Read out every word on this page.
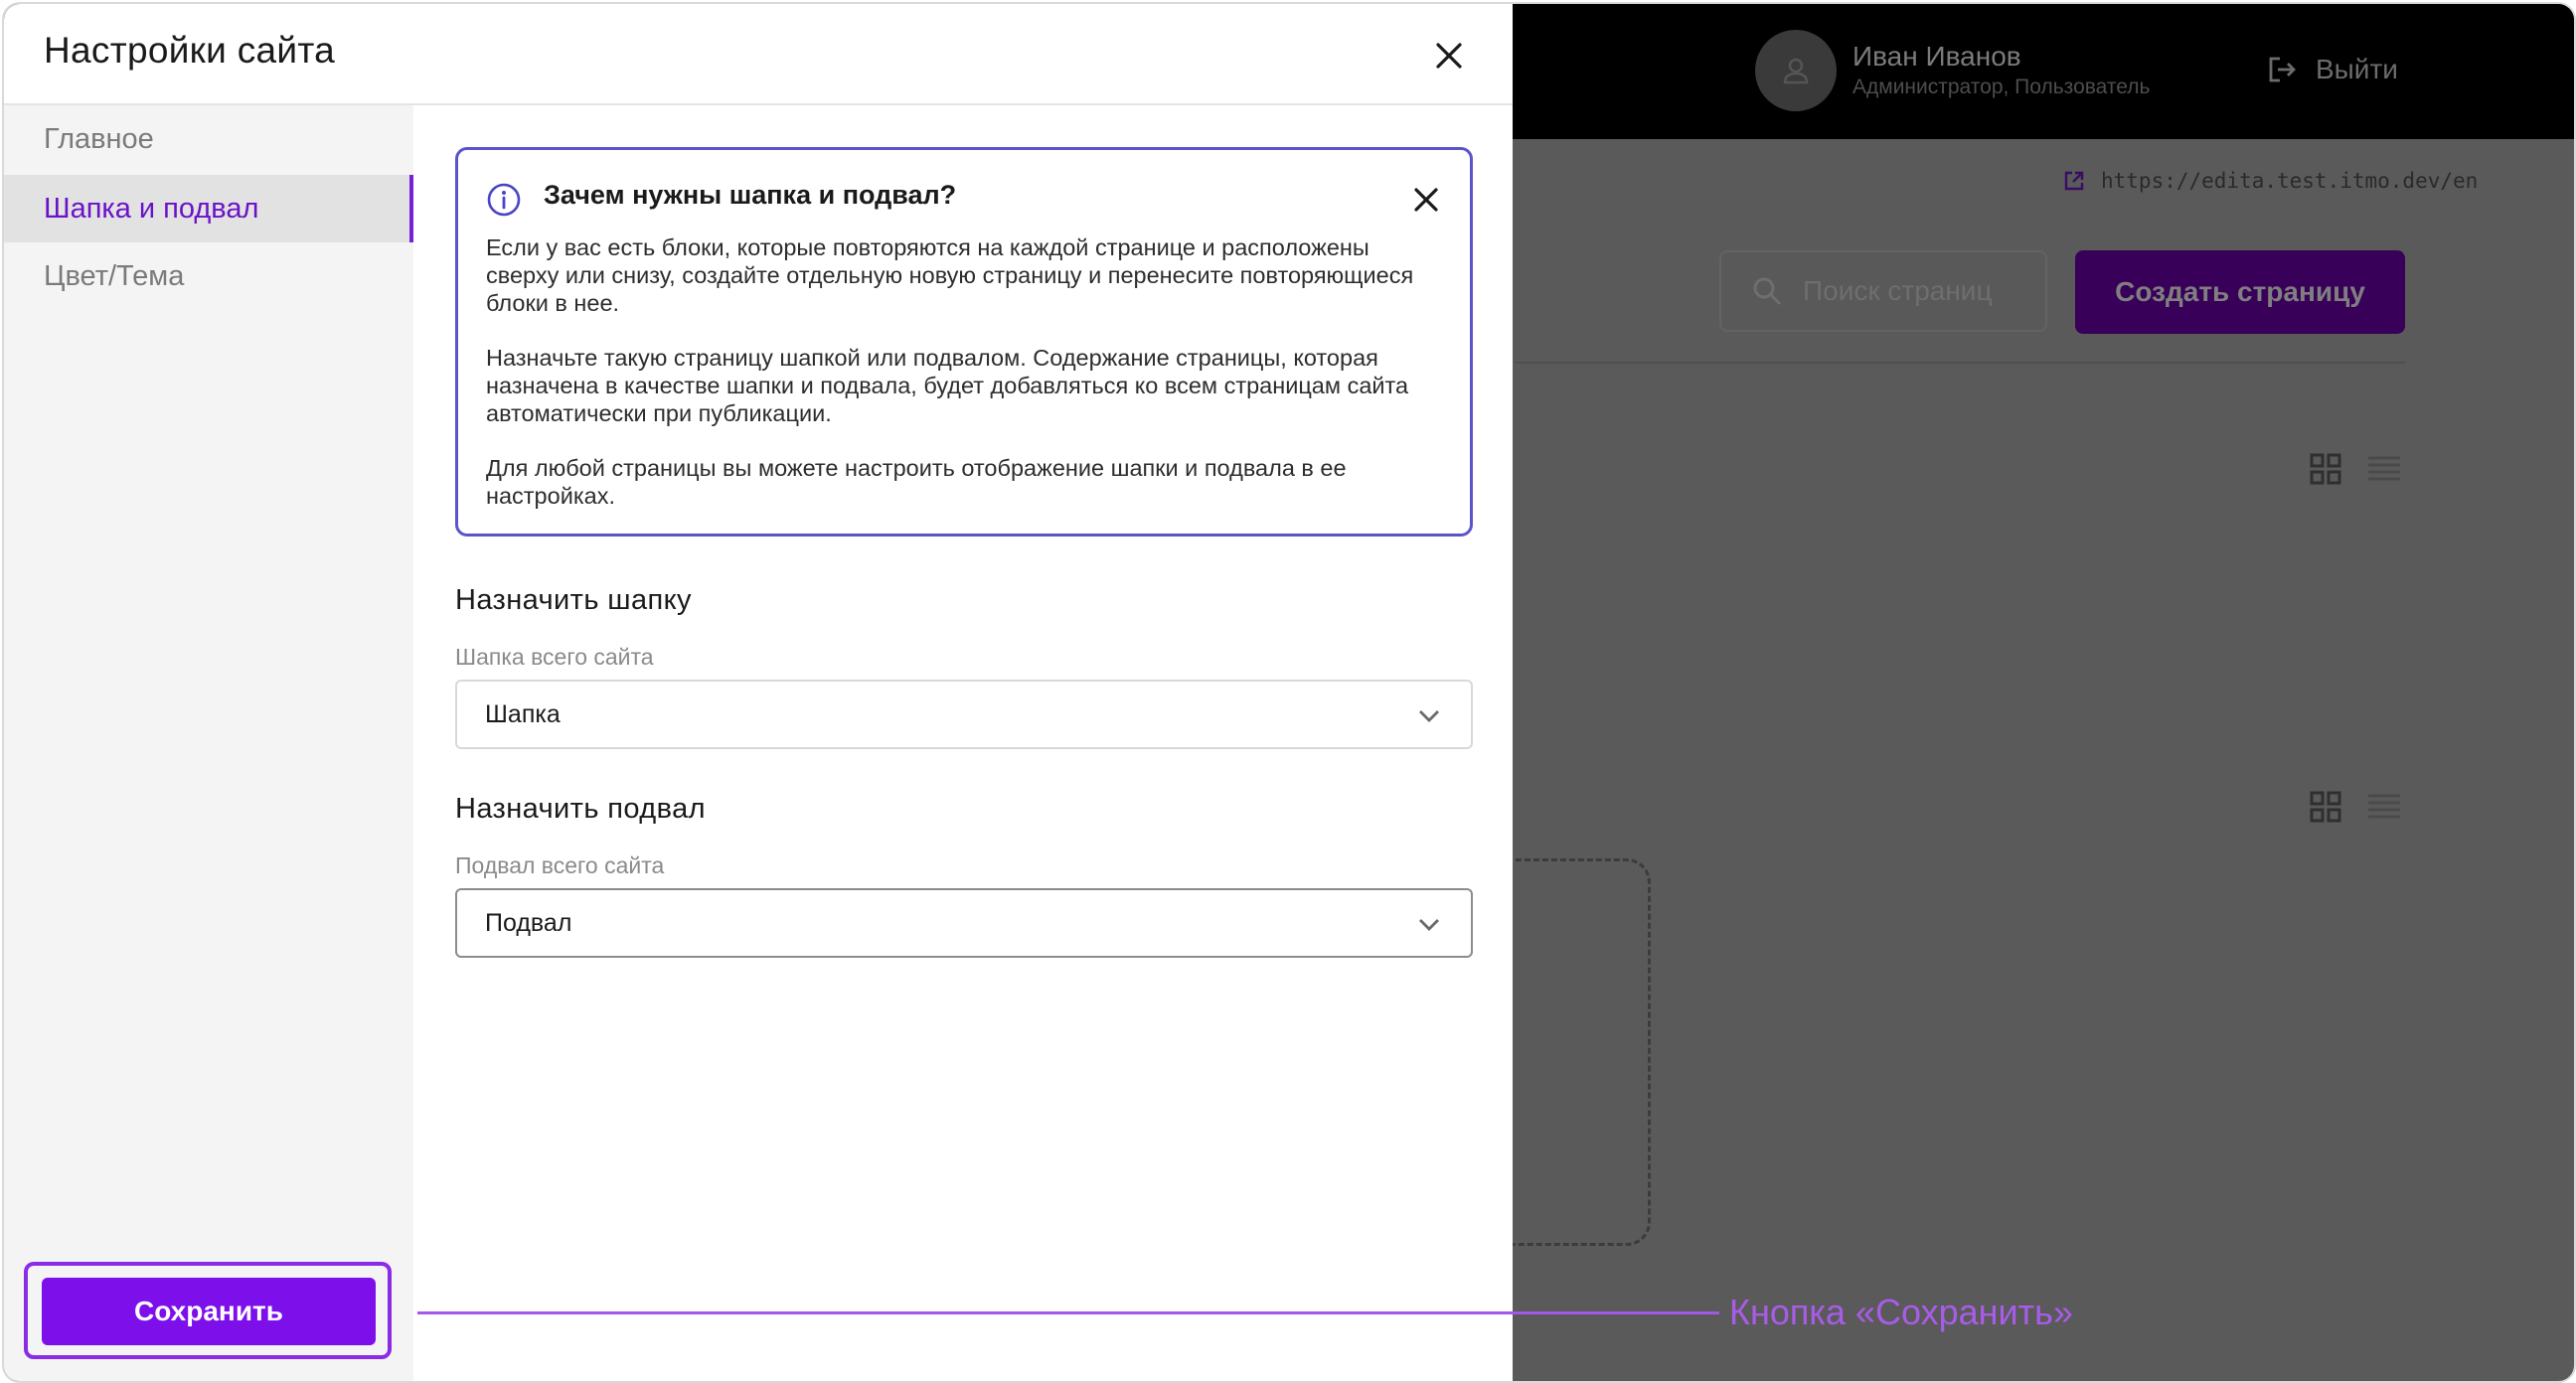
Иван Иванов
Администратор, Пользователь
Выйти
https://edita.test.itmo.dev/en
Поиск страниц	Создать страницу
Настройки сайта
Главное
Шапка и подвал
Цвет/Тема
Сохранить
Зачем нужны шапка и подвал?

Если у вас есть блоки, которые повторяются на каждой странице и расположены сверху или снизу, создайте отдельную новую страницу и перенесите повторяющиеся блоки в нее.

Назначьте такую страницу шапкой или подвалом. Содержание страницы, которая назначена в качестве шапки и подвала, будет добавляться ко всем страницам сайта автоматически при публикации.

Для любой страницы вы можете настроить отображение шапки и подвала в ее настройках.

Назначить шапку
Шапка всего сайта
Шапка
Назначить подвал
Подвал всего сайта
Подвал
Кнопка «Сохранить»
